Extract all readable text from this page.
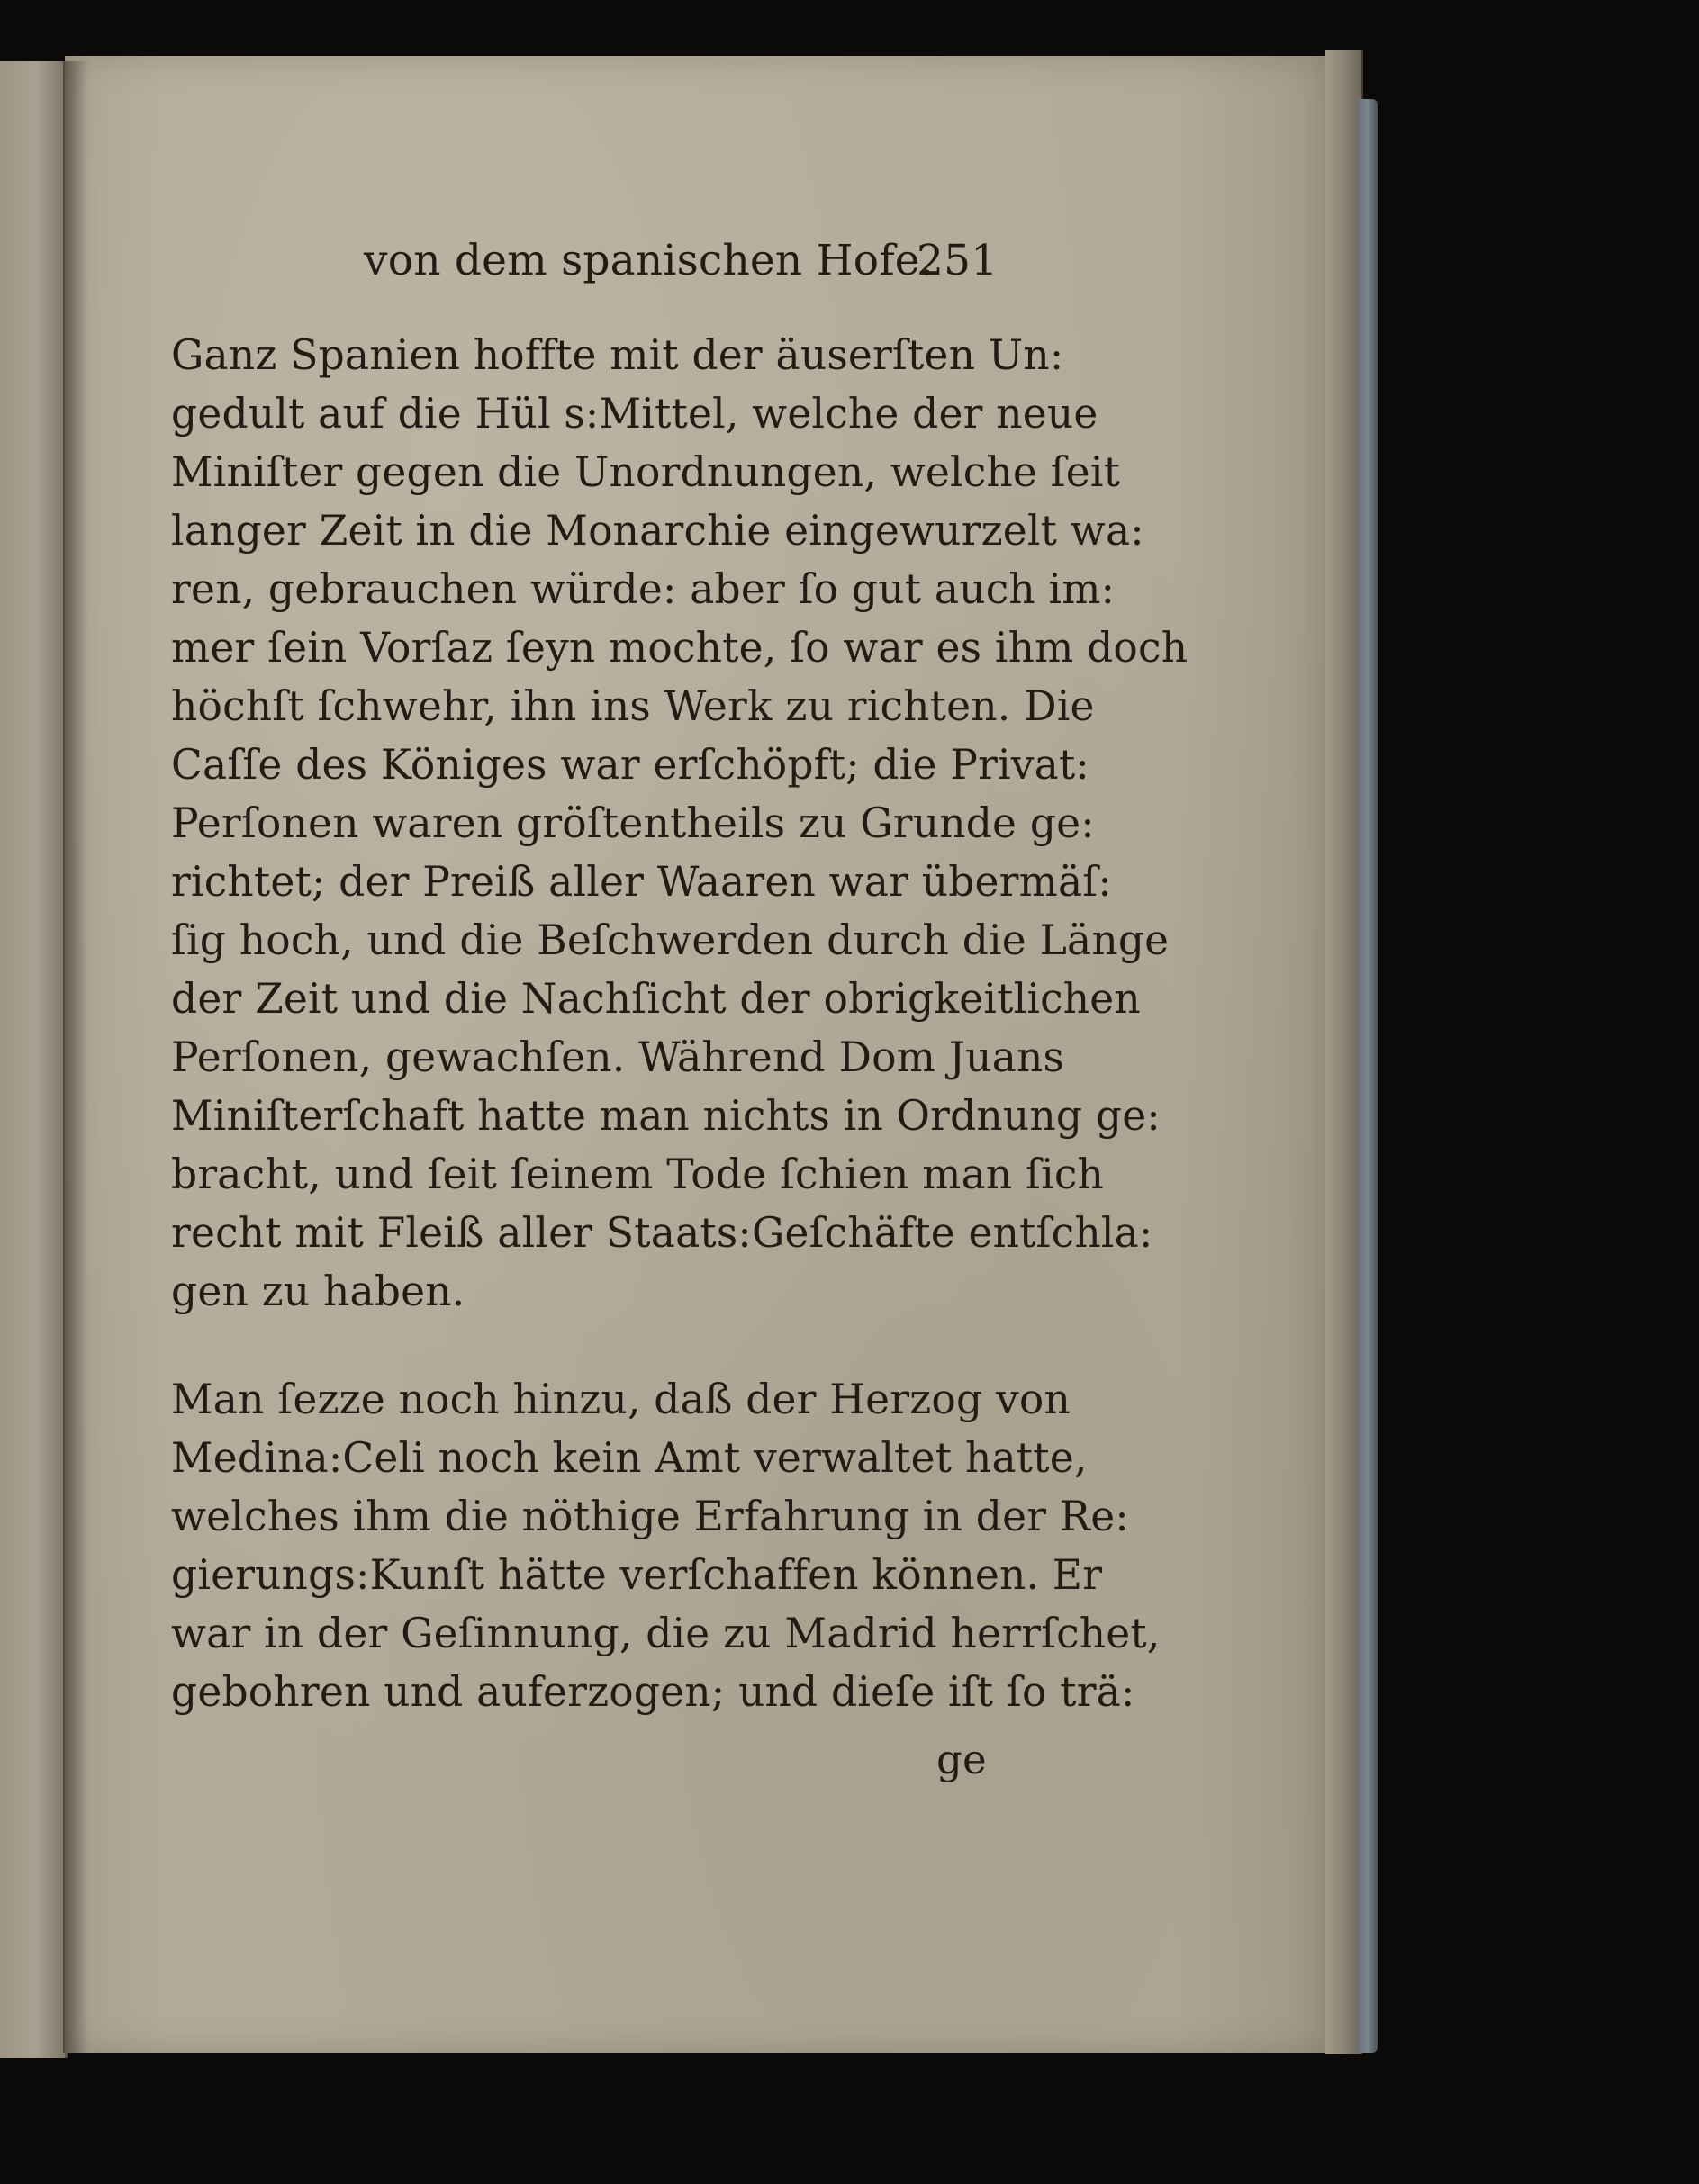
von dem spanischen Hofe.
251
Ganz Spanien hoffte mit der äuserſten Un:
gedult auf die Hül s:Mittel, welche der neue
Miniſter gegen die Unordnungen, welche ſeit
langer Zeit in die Monarchie eingewurzelt wa:
ren, gebrauchen würde: aber ſo gut auch im:
mer ſein Vorſaz ſeyn mochte, ſo war es ihm doch
höchſt ſchwehr, ihn ins Werk zu richten. Die
Caſſe des Königes war erſchöpft; die Privat:
Perſonen waren gröſtentheils zu Grunde ge:
richtet; der Preiß aller Waaren war übermäſ:
ſig hoch, und die Beſchwerden durch die Länge
der Zeit und die Nachſicht der obrigkeitlichen
Perſonen, gewachſen. Während Dom Juans
Miniſterſchaft hatte man nichts in Ordnung ge:
bracht, und ſeit ſeinem Tode ſchien man ſich
recht mit Fleiß aller Staats:Geſchäfte entſchla:
gen zu haben.
Man ſezze noch hinzu, daß der Herzog von
Medina:Celi noch kein Amt verwaltet hatte,
welches ihm die nöthige Erfahrung in der Re:
gierungs:Kunſt hätte verſchaffen können. Er
war in der Geſinnung, die zu Madrid herrſchet,
gebohren und auferzogen; und dieſe iſt ſo trä:
ge
